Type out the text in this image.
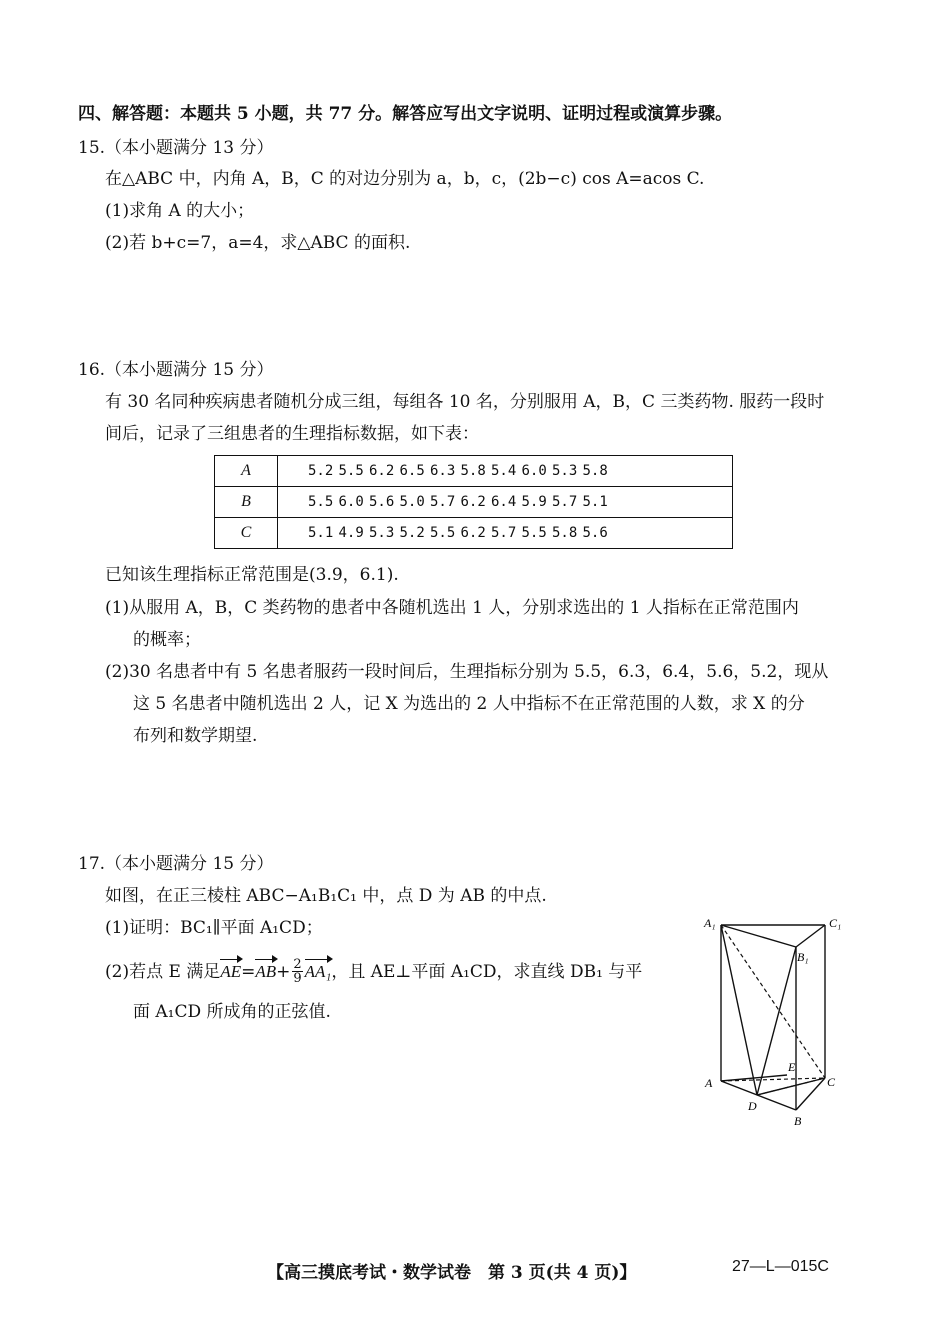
四、解答题：本题共 5 小题，共 77 分。解答应写出文字说明、证明过程或演算步骤。
15.（本小题满分 13 分）
在△ABC 中，内角 A，B，C 的对边分别为 a，b，c，(2b−c) cos A=acos C.
(1)求角 A 的大小；
(2)若 b+c=7，a=4，求△ABC 的面积.
16.（本小题满分 15 分）
有 30 名同种疾病患者随机分成三组，每组各 10 名，分别服用 A，B，C 三类药物. 服药一段时
间后，记录了三组患者的生理指标数据，如下表：
A	5.2 5.5 6.2 6.5 6.3 5.8 5.4 6.0 5.3 5.8
B	5.5 6.0 5.6 5.0 5.7 6.2 6.4 5.9 5.7 5.1
C	5.1 4.9 5.3 5.2 5.5 6.2 5.7 5.5 5.8 5.6
已知该生理指标正常范围是(3.9，6.1).
(1)从服用 A，B，C 类药物的患者中各随机选出 1 人，分别求选出的 1 人指标在正常范围内
的概率；
(2)30 名患者中有 5 名患者服药一段时间后，生理指标分别为 5.5，6.3，6.4，5.6，5.2，现从
这 5 名患者中随机选出 2 人，记 X 为选出的 2 人中指标不在正常范围的人数，求 X 的分
布列和数学期望.
17.（本小题满分 15 分）
如图，在正三棱柱 ABC−A₁B₁C₁ 中，点 D 为 AB 的中点.
(1)证明：BC₁∥平面 A₁CD；
(2)若点 E 满足 AE = AB + $\frac{2}{9} AA_1$ ，且 AE⊥平面 A₁CD，求直线 DB₁ 与平
面 A₁CD 所成角的正弦值.
A₁	C₁
B₁
A	C
B
D
E
【高三摸底考试・数学试卷　第 3 页(共 4 页)】	27—L—015C
